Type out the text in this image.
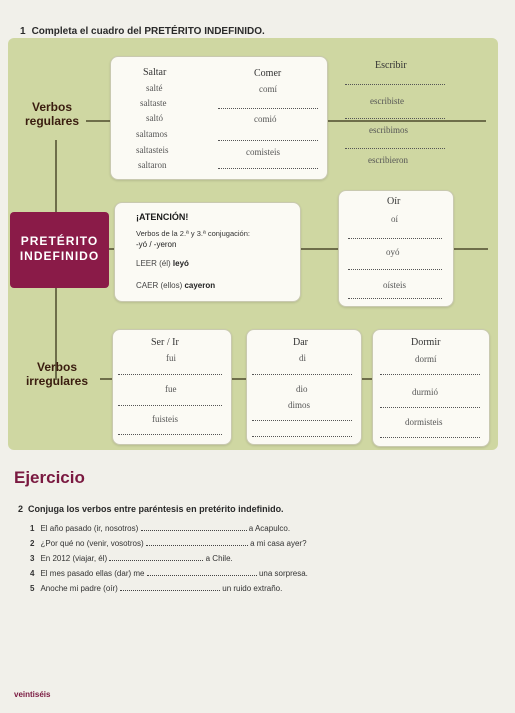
1 Completa el cuadro del PRETÉRITO INDEFINIDO.
Verbos regulares
Saltar
salté
saltaste
saltó
saltamos
saltasteis
saltaron
Comer
comí
comió
comisteis
Escribir
escribiste
escribimos
escribieron
PRETÉRITO
INDEFINIDO
¡ATENCIÓN!
Verbos de la 2.ª y 3.ª conjugación:
-yó / -yeron
LEER (él) leyó
CAER (ellos) cayeron
Oír
oí
oyó
oísteis
Verbos irregulares
Ser / Ir
fui
fue
fuisteis
Dar
di
dio
dimos
Dormir
dormí
durmió
dormisteis
Ejercicio
2 Conjuga los verbos entre paréntesis en pretérito indefinido.
1 El año pasado (ir, nosotros)	a Acapulco.
2 ¿Por qué no (venir, vosotros)	a mi casa ayer?
3 En 2012 (viajar, él)	a Chile.
4 El mes pasado ellas (dar) me	una sorpresa.
5 Anoche mi padre (oír)	un ruido extraño.
veintiséis
